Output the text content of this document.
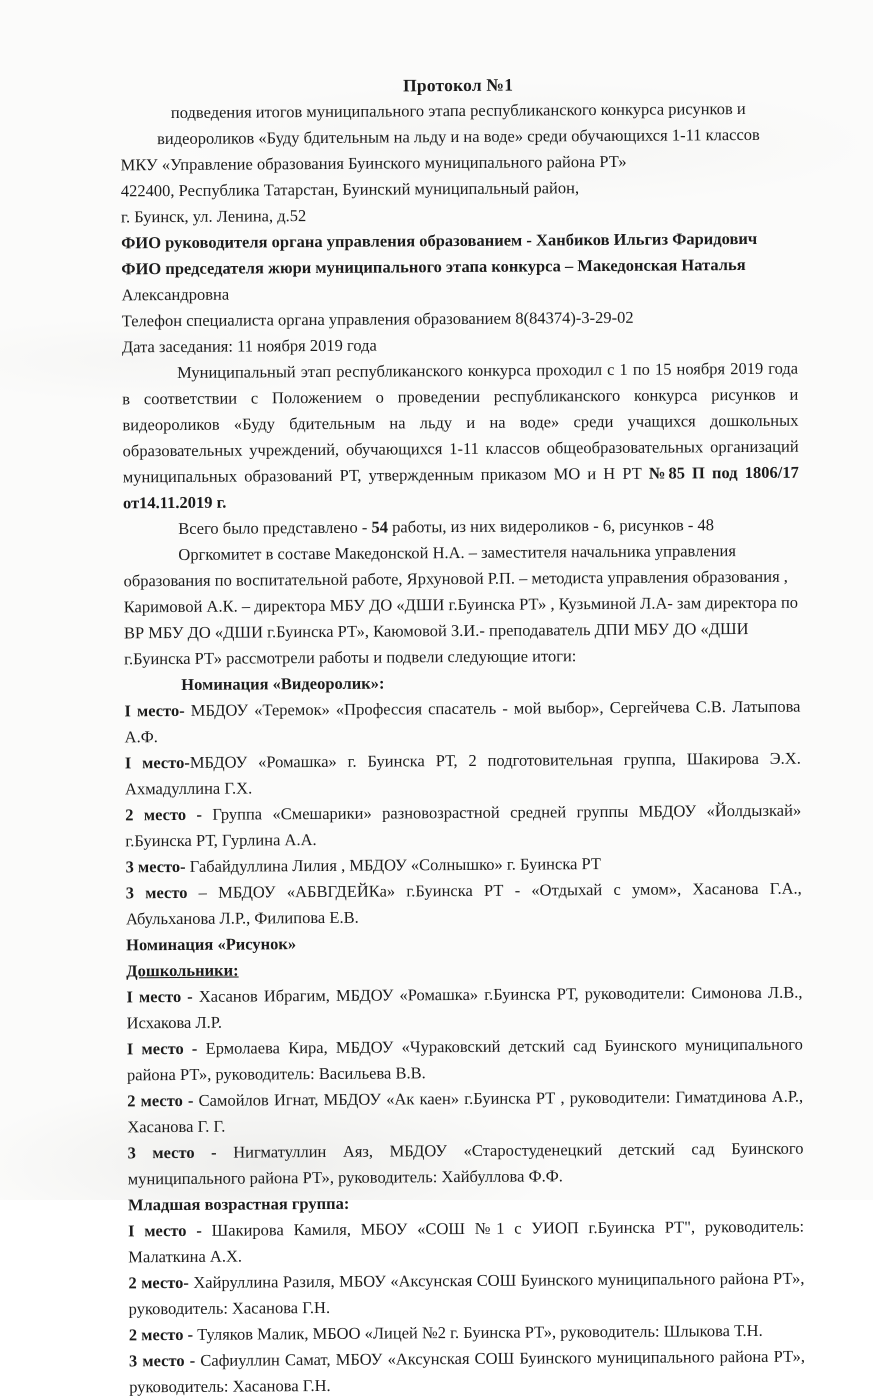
Протокол №1

подведения итогов муниципального этапа республиканского конкурса рисунков и видеороликов «Буду бдительным на льду и на воде» среди обучающихся 1-11 классов

МКУ «Управление образования Буинского муниципального района РТ»

422400, Республика Татарстан, Буинский муниципальный район,

г. Буинск, ул. Ленина, д.52

ФИО руководителя органа управления образованием - Ханбиков Ильгиз Фаридович

ФИО председателя жюри муниципального этапа конкурса – Македонская Наталья Александровна

Телефон специалиста органа управления образованием 8(84374)-3-29-02

Дата заседания: 11 ноября 2019 года

Муниципальный этап республиканского конкурса проходил с 1 по 15 ноября 2019 года в соответствии с Положением о проведении республиканского конкурса рисунков и видеороликов «Буду бдительным на льду и на воде» среди учащихся дошкольных образовательных учреждений, обучающихся 1-11 классов общеобразовательных организаций муниципальных образований РТ, утвержденным приказом МО и Н РТ №85 П под 1806/17 от14.11.2019 г.

Всего было представлено - 54 работы, из них видероликов - 6, рисунков - 48

Оргкомитет в составе Македонской Н.А. – заместителя начальника управления образования по воспитательной работе, Ярхуновой Р.П. – методиста управления образования , Каримовой А.К. – директора МБУ ДО «ДШИ г.Буинска РТ» , Кузьминой Л.А- зам директора по ВР МБУ ДО «ДШИ г.Буинска РТ», Каюмовой З.И.- преподаватель ДПИ МБУ ДО «ДШИ г.Буинска РТ» рассмотрели работы и подвели следующие итоги:

Номинация «Видеоролик»:

I место- МБДОУ «Теремок» «Профессия спасатель - мой выбор», Сергейчева С.В. Латыпова А.Ф.

I место-МБДОУ «Ромашка» г. Буинска РТ, 2 подготовительная группа, Шакирова Э.Х. Ахмадуллина Г.Х.

2 место - Группа «Смешарики» разновозрастной средней группы МБДОУ «Йолдызкай» г.Буинска РТ, Гурлина А.А.

3 место- Габайдуллина Лилия , МБДОУ «Солнышко» г. Буинска РТ

3 место – МБДОУ «АБВГДЕЙКа» г.Буинска РТ - «Отдыхай с умом», Хасанова Г.А., Абульханова Л.Р., Филипова Е.В.

Номинация «Рисунок»

Дошкольники:

I место - Хасанов Ибрагим, МБДОУ «Ромашка» г.Буинска РТ, руководители: Симонова Л.В., Исхакова Л.Р.

I место - Ермолаева Кира, МБДОУ «Чураковский детский сад Буинского муниципального района РТ», руководитель: Васильева В.В.

2 место - Самойлов Игнат, МБДОУ «Ак каен» г.Буинска РТ , руководители: Гиматдинова А.Р., Хасанова Г. Г.

3 место - Нигматуллин Аяз, МБДОУ «Старостуденецкий детский сад Буинского муниципального района РТ», руководитель: Хайбуллова Ф.Ф.

Младшая возрастная группа:

I место - Шакирова Камиля, МБОУ «СОШ №1 с УИОП г.Буинска РТ", руководитель: Малаткина А.Х.

2 место- Хайруллина Разиля, МБОУ «Аксунская СОШ Буинского муниципального района РТ», руководитель: Хасанова Г.Н.

2 место - Туляков Малик, МБОО «Лицей №2 г. Буинска РТ», руководитель: Шлыкова Т.Н.

3 место - Сафиуллин Самат, МБОУ «Аксунская СОШ Буинского муниципального района РТ», руководитель: Хасанова Г.Н.
